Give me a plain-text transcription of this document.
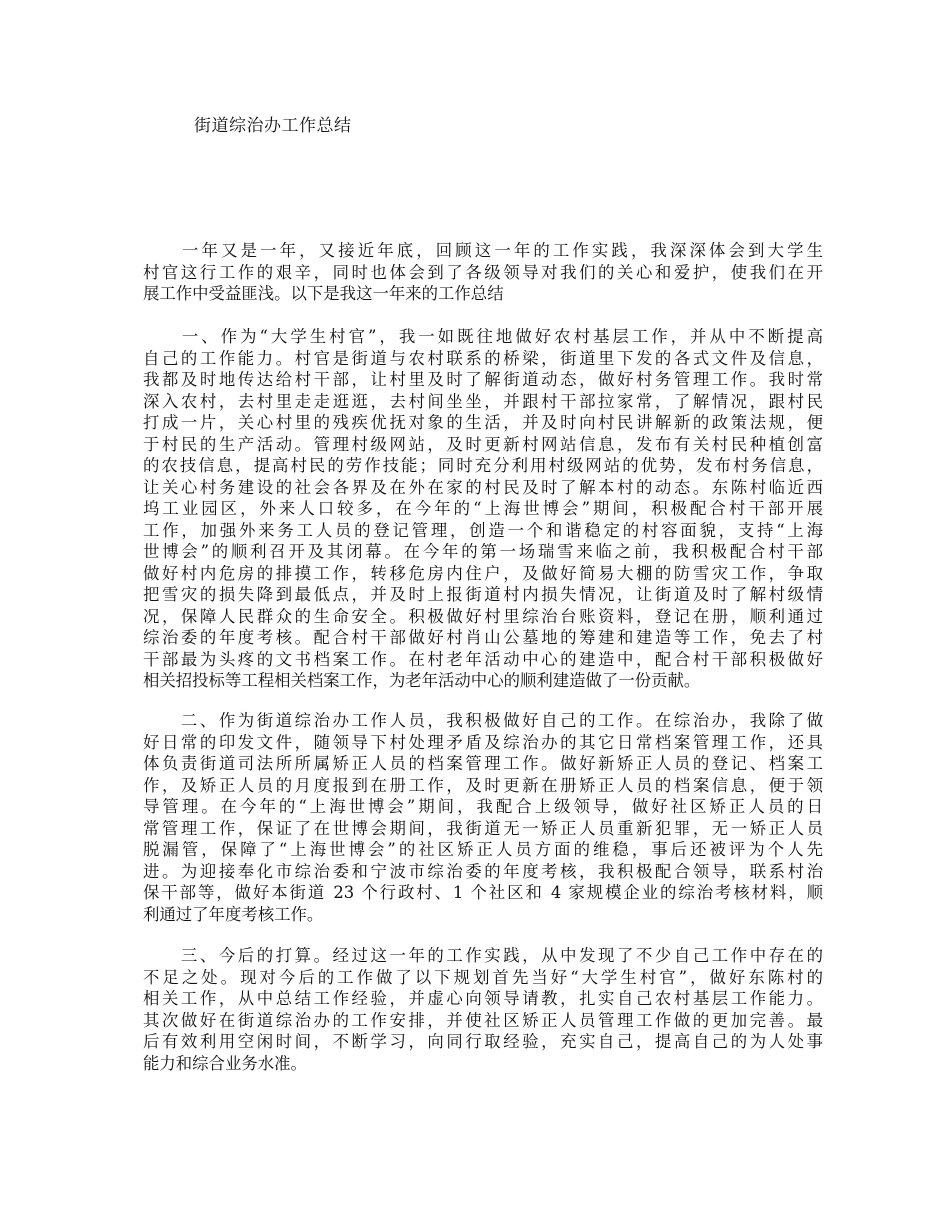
街道综治办工作总结
　　一年又是一年，又接近年底，回顾这一年的工作实践，我深深体会到大学生
村官这行工作的艰辛，同时也体会到了各级领导对我们的关心和爱护，使我们在开
展工作中受益匪浅。以下是我这一年来的工作总结
　　一、作为“大学生村官”，我一如既往地做好农村基层工作，并从中不断提高
自己的工作能力。村官是街道与农村联系的桥梁，街道里下发的各式文件及信息，
我都及时地传达给村干部，让村里及时了解街道动态，做好村务管理工作。我时常
深入农村，去村里走走逛逛，去村间坐坐，并跟村干部拉家常，了解情况，跟村民
打成一片，关心村里的残疾优抚对象的生活，并及时向村民讲解新的政策法规，便
于村民的生产活动。管理村级网站，及时更新村网站信息，发布有关村民种植创富
的农技信息，提高村民的劳作技能；同时充分利用村级网站的优势，发布村务信息，
让关心村务建设的社会各界及在外在家的村民及时了解本村的动态。东陈村临近西
坞工业园区，外来人口较多，在今年的“上海世博会”期间，积极配合村干部开展
工作，加强外来务工人员的登记管理，创造一个和谐稳定的村容面貌，支持“上海
世博会”的顺利召开及其闭幕。在今年的第一场瑞雪来临之前，我积极配合村干部
做好村内危房的排摸工作，转移危房内住户，及做好简易大棚的防雪灾工作，争取
把雪灾的损失降到最低点，并及时上报街道村内损失情况，让街道及时了解村级情
况，保障人民群众的生命安全。积极做好村里综治台账资料，登记在册，顺利通过
综治委的年度考核。配合村干部做好村肖山公墓地的筹建和建造等工作，免去了村
干部最为头疼的文书档案工作。在村老年活动中心的建造中，配合村干部积极做好
相关招投标等工程相关档案工作，为老年活动中心的顺利建造做了一份贡献。
　　二、作为街道综治办工作人员，我积极做好自己的工作。在综治办，我除了做
好日常的印发文件，随领导下村处理矛盾及综治办的其它日常档案管理工作，还具
体负责街道司法所所属矫正人员的档案管理工作。做好新矫正人员的登记、档案工
作，及矫正人员的月度报到在册工作，及时更新在册矫正人员的档案信息，便于领
导管理。在今年的“上海世博会”期间，我配合上级领导，做好社区矫正人员的日
常管理工作，保证了在世博会期间，我街道无一矫正人员重新犯罪，无一矫正人员
脱漏管，保障了“上海世博会”的社区矫正人员方面的维稳，事后还被评为个人先
进。为迎接奉化市综治委和宁波市综治委的年度考核，我积极配合领导，联系村治
保干部等，做好本街道 23 个行政村、1 个社区和 4 家规模企业的综治考核材料，顺
利通过了年度考核工作。
　　三、今后的打算。经过这一年的工作实践，从中发现了不少自己工作中存在的
不足之处。现对今后的工作做了以下规划首先当好“大学生村官”，做好东陈村的
相关工作，从中总结工作经验，并虚心向领导请教，扎实自己农村基层工作能力。
其次做好在街道综治办的工作安排，并使社区矫正人员管理工作做的更加完善。最
后有效利用空闲时间，不断学习，向同行取经验，充实自己，提高自己的为人处事
能力和综合业务水准。
